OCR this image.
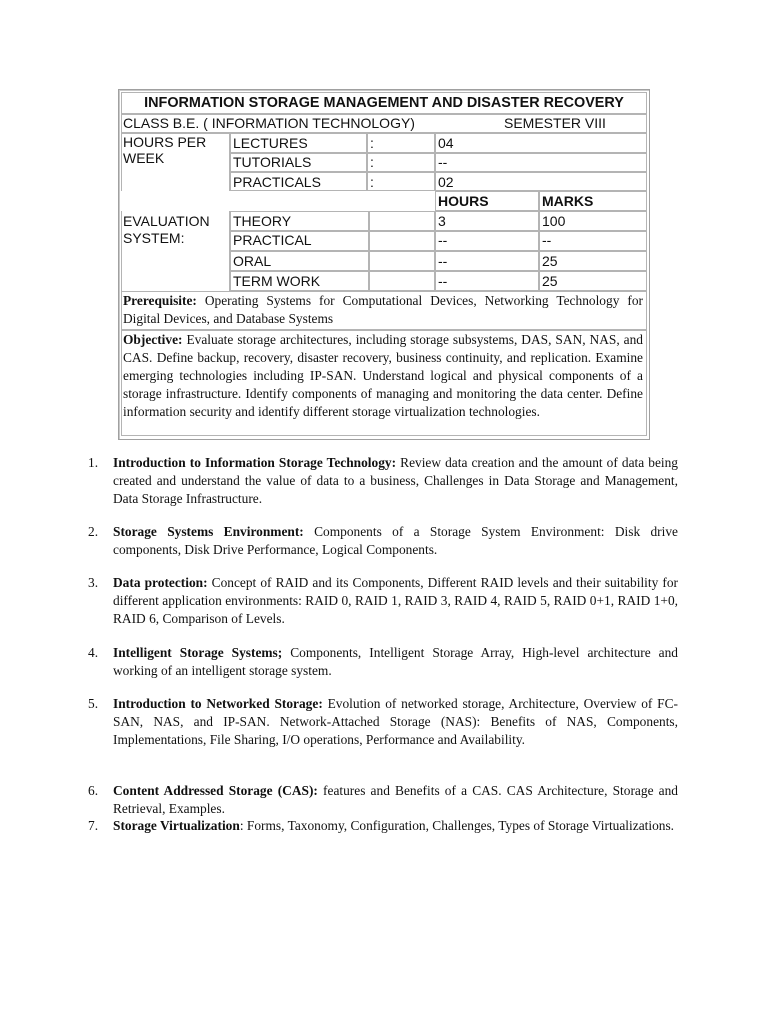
INFORMATION STORAGE MANAGEMENT AND DISASTER RECOVERY
CLASS B.E. ( INFORMATION TECHNOLOGY)	SEMESTER VIII
HOURS PER
WEEK
LECTURES	:	04
TUTORIALS	:	--
PRACTICALS	:	02
HOURS	MARKS
EVALUATION
SYSTEM:
THEORY	3	100
PRACTICAL	--	--
ORAL	--	25
TERM WORK	--	25
Prerequisite: Operating Systems for Computational Devices, Networking Technology for Digital Devices, and Database Systems
Objective: Evaluate storage architectures, including storage subsystems, DAS, SAN, NAS, and CAS. Define backup, recovery, disaster recovery, business continuity, and replication. Examine emerging technologies including IP-SAN. Understand logical and physical components of a storage infrastructure. Identify components of managing and monitoring the data center. Define information security and identify different storage virtualization technologies.
1. Introduction to Information Storage Technology: Review data creation and the amount of data being created and understand the value of data to a business, Challenges in Data Storage and Management, Data Storage Infrastructure.
2. Storage Systems Environment: Components of a Storage System Environment: Disk drive components, Disk Drive Performance, Logical Components.
3. Data protection: Concept of RAID and its Components, Different RAID levels and their suitability for different application environments: RAID 0, RAID 1, RAID 3, RAID 4, RAID 5, RAID 0+1, RAID 1+0, RAID 6, Comparison of Levels.
4. Intelligent Storage Systems; Components, Intelligent Storage Array, High-level architecture and working of an intelligent storage system.
5. Introduction to Networked Storage: Evolution of networked storage, Architecture, Overview of FC-SAN, NAS, and IP-SAN. Network-Attached Storage (NAS): Benefits of NAS, Components, Implementations, File Sharing, I/O operations, Performance and Availability.
6. Content Addressed Storage (CAS): features and Benefits of a CAS. CAS Architecture, Storage and Retrieval, Examples.
7. Storage Virtualization: Forms, Taxonomy, Configuration, Challenges, Types of Storage Virtualizations.
